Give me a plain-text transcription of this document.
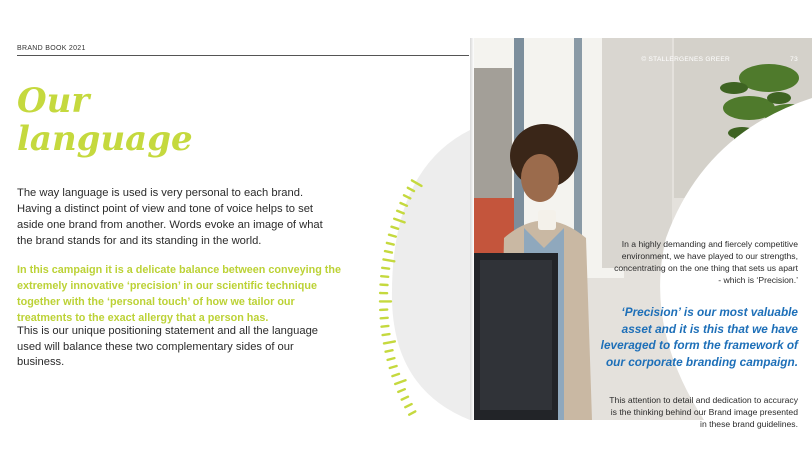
BRAND BOOK 2021
Our
language

The way language is used is very personal to each brand. Having a distinct point of view and tone of voice helps to set aside one brand from another. Words evoke an image of what the brand stands for and its standing in the world.

In this campaign it is a delicate balance between conveying the extremely innovative ‘precision’ in our scientific technique together with the ‘personal touch’ of how we tailor our treatments to the exact allergy that a person has.

This is our unique positioning statement and all the language used will balance these two complementary sides of our business.

© STALLERGENES GREER	73

In a highly demanding and fiercely competitive environment, we have played to our strengths, concentrating on the one thing that sets us apart - which is ‘Precision.’

‘Precision’ is our most valuable asset and it is this that we have leveraged to form the framework of our corporate branding campaign.

This attention to detail and dedication to accuracy is the thinking behind our Brand image presented in these brand guidelines.
